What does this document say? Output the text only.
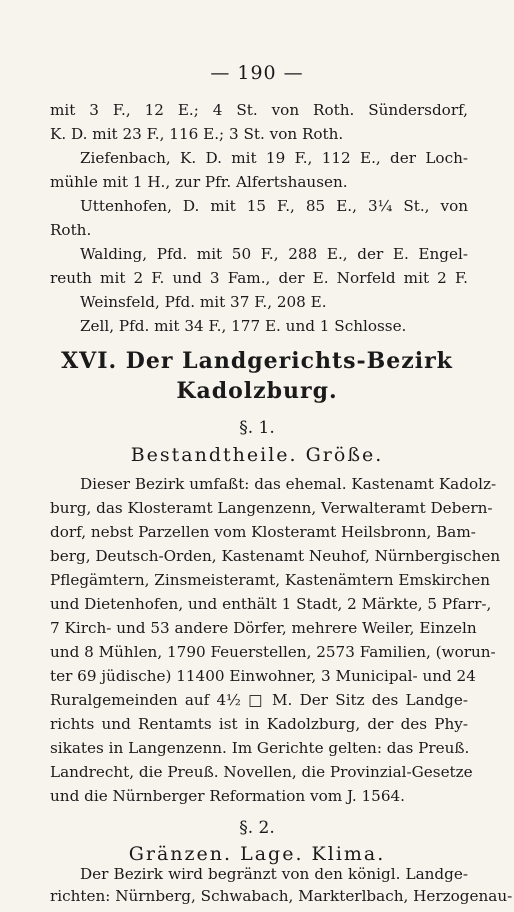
— 190 —
mit 3 F., 12 E.; 4 St. von Roth. Sündersdorf,
K. D. mit 23 F., 116 E.; 3 St. von Roth.
Ziefenbach, K. D. mit 19 F., 112 E., der Loch-
mühle mit 1 H., zur Pfr. Alfertshausen.
Uttenhofen, D. mit 15 F., 85 E., 3¼ St., von
Roth.
Walding, Pfd. mit 50 F., 288 E., der E. Engel-
reuth mit 2 F. und 3 Fam., der E. Norfeld mit 2 F.
Weinsfeld, Pfd. mit 37 F., 208 E.
Zell, Pfd. mit 34 F., 177 E. und 1 Schlosse.
XVI. Der Landgerichts-Bezirk
Kadolzburg.
§. 1.
Bestandtheile. Größe.
Dieser Bezirk umfaßt: das ehemal. Kastenamt Kadolz-
burg, das Klosteramt Langenzenn, Verwalteramt Debern-
dorf, nebst Parzellen vom Klosteramt Heilsbronn, Bam-
berg, Deutsch-Orden, Kastenamt Neuhof, Nürnbergischen
Pflegämtern, Zinsmeisteramt, Kastenämtern Emskirchen
und Dietenhofen, und enthält 1 Stadt, 2 Märkte, 5 Pfarr-,
7 Kirch- und 53 andere Dörfer, mehrere Weiler, Einzeln
und 8 Mühlen, 1790 Feuerstellen, 2573 Familien, (worun-
ter 69 jüdische) 11400 Einwohner, 3 Municipal- und 24
Ruralgemeinden auf 4½ □ M. Der Sitz des Landge-
richts und Rentamts ist in Kadolzburg, der des Phy-
sikates in Langenzenn. Im Gerichte gelten: das Preuß.
Landrecht, die Preuß. Novellen, die Provinzial-Gesetze
und die Nürnberger Reformation vom J. 1564.
§. 2.
Gränzen. Lage. Klima.
Der Bezirk wird begränzt von den königl. Landge-
richten: Nürnberg, Schwabach, Markterlbach, Herzogenau-
